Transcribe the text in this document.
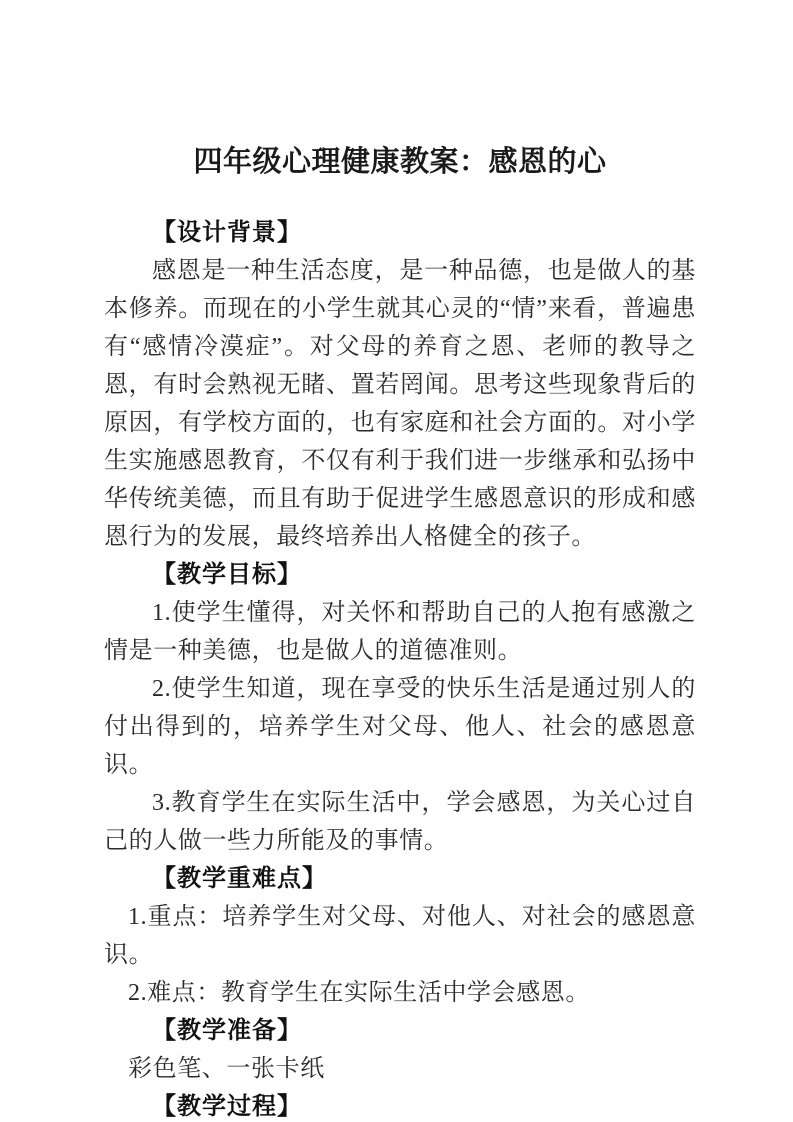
四年级心理健康教案：感恩的心

【设计背景】

感恩是一种生活态度，是一种品德，也是做人的基本修养。而现在的小学生就其心灵的“情”来看，普遍患有“感情冷漠症”。对父母的养育之恩、老师的教导之恩，有时会熟视无睹、置若罔闻。思考这些现象背后的原因，有学校方面的，也有家庭和社会方面的。对小学生实施感恩教育，不仅有利于我们进一步继承和弘扬中华传统美德，而且有助于促进学生感恩意识的形成和感恩行为的发展，最终培养出人格健全的孩子。

【教学目标】

1.使学生懂得，对关怀和帮助自己的人抱有感激之情是一种美德，也是做人的道德准则。

2.使学生知道，现在享受的快乐生活是通过别人的付出得到的，培养学生对父母、他人、社会的感恩意识。

3.教育学生在实际生活中，学会感恩，为关心过自己的人做一些力所能及的事情。

【教学重难点】

1.重点：培养学生对父母、对他人、对社会的感恩意识。

2.难点：教育学生在实际生活中学会感恩。

【教学准备】

彩色笔、一张卡纸

【教学过程】
